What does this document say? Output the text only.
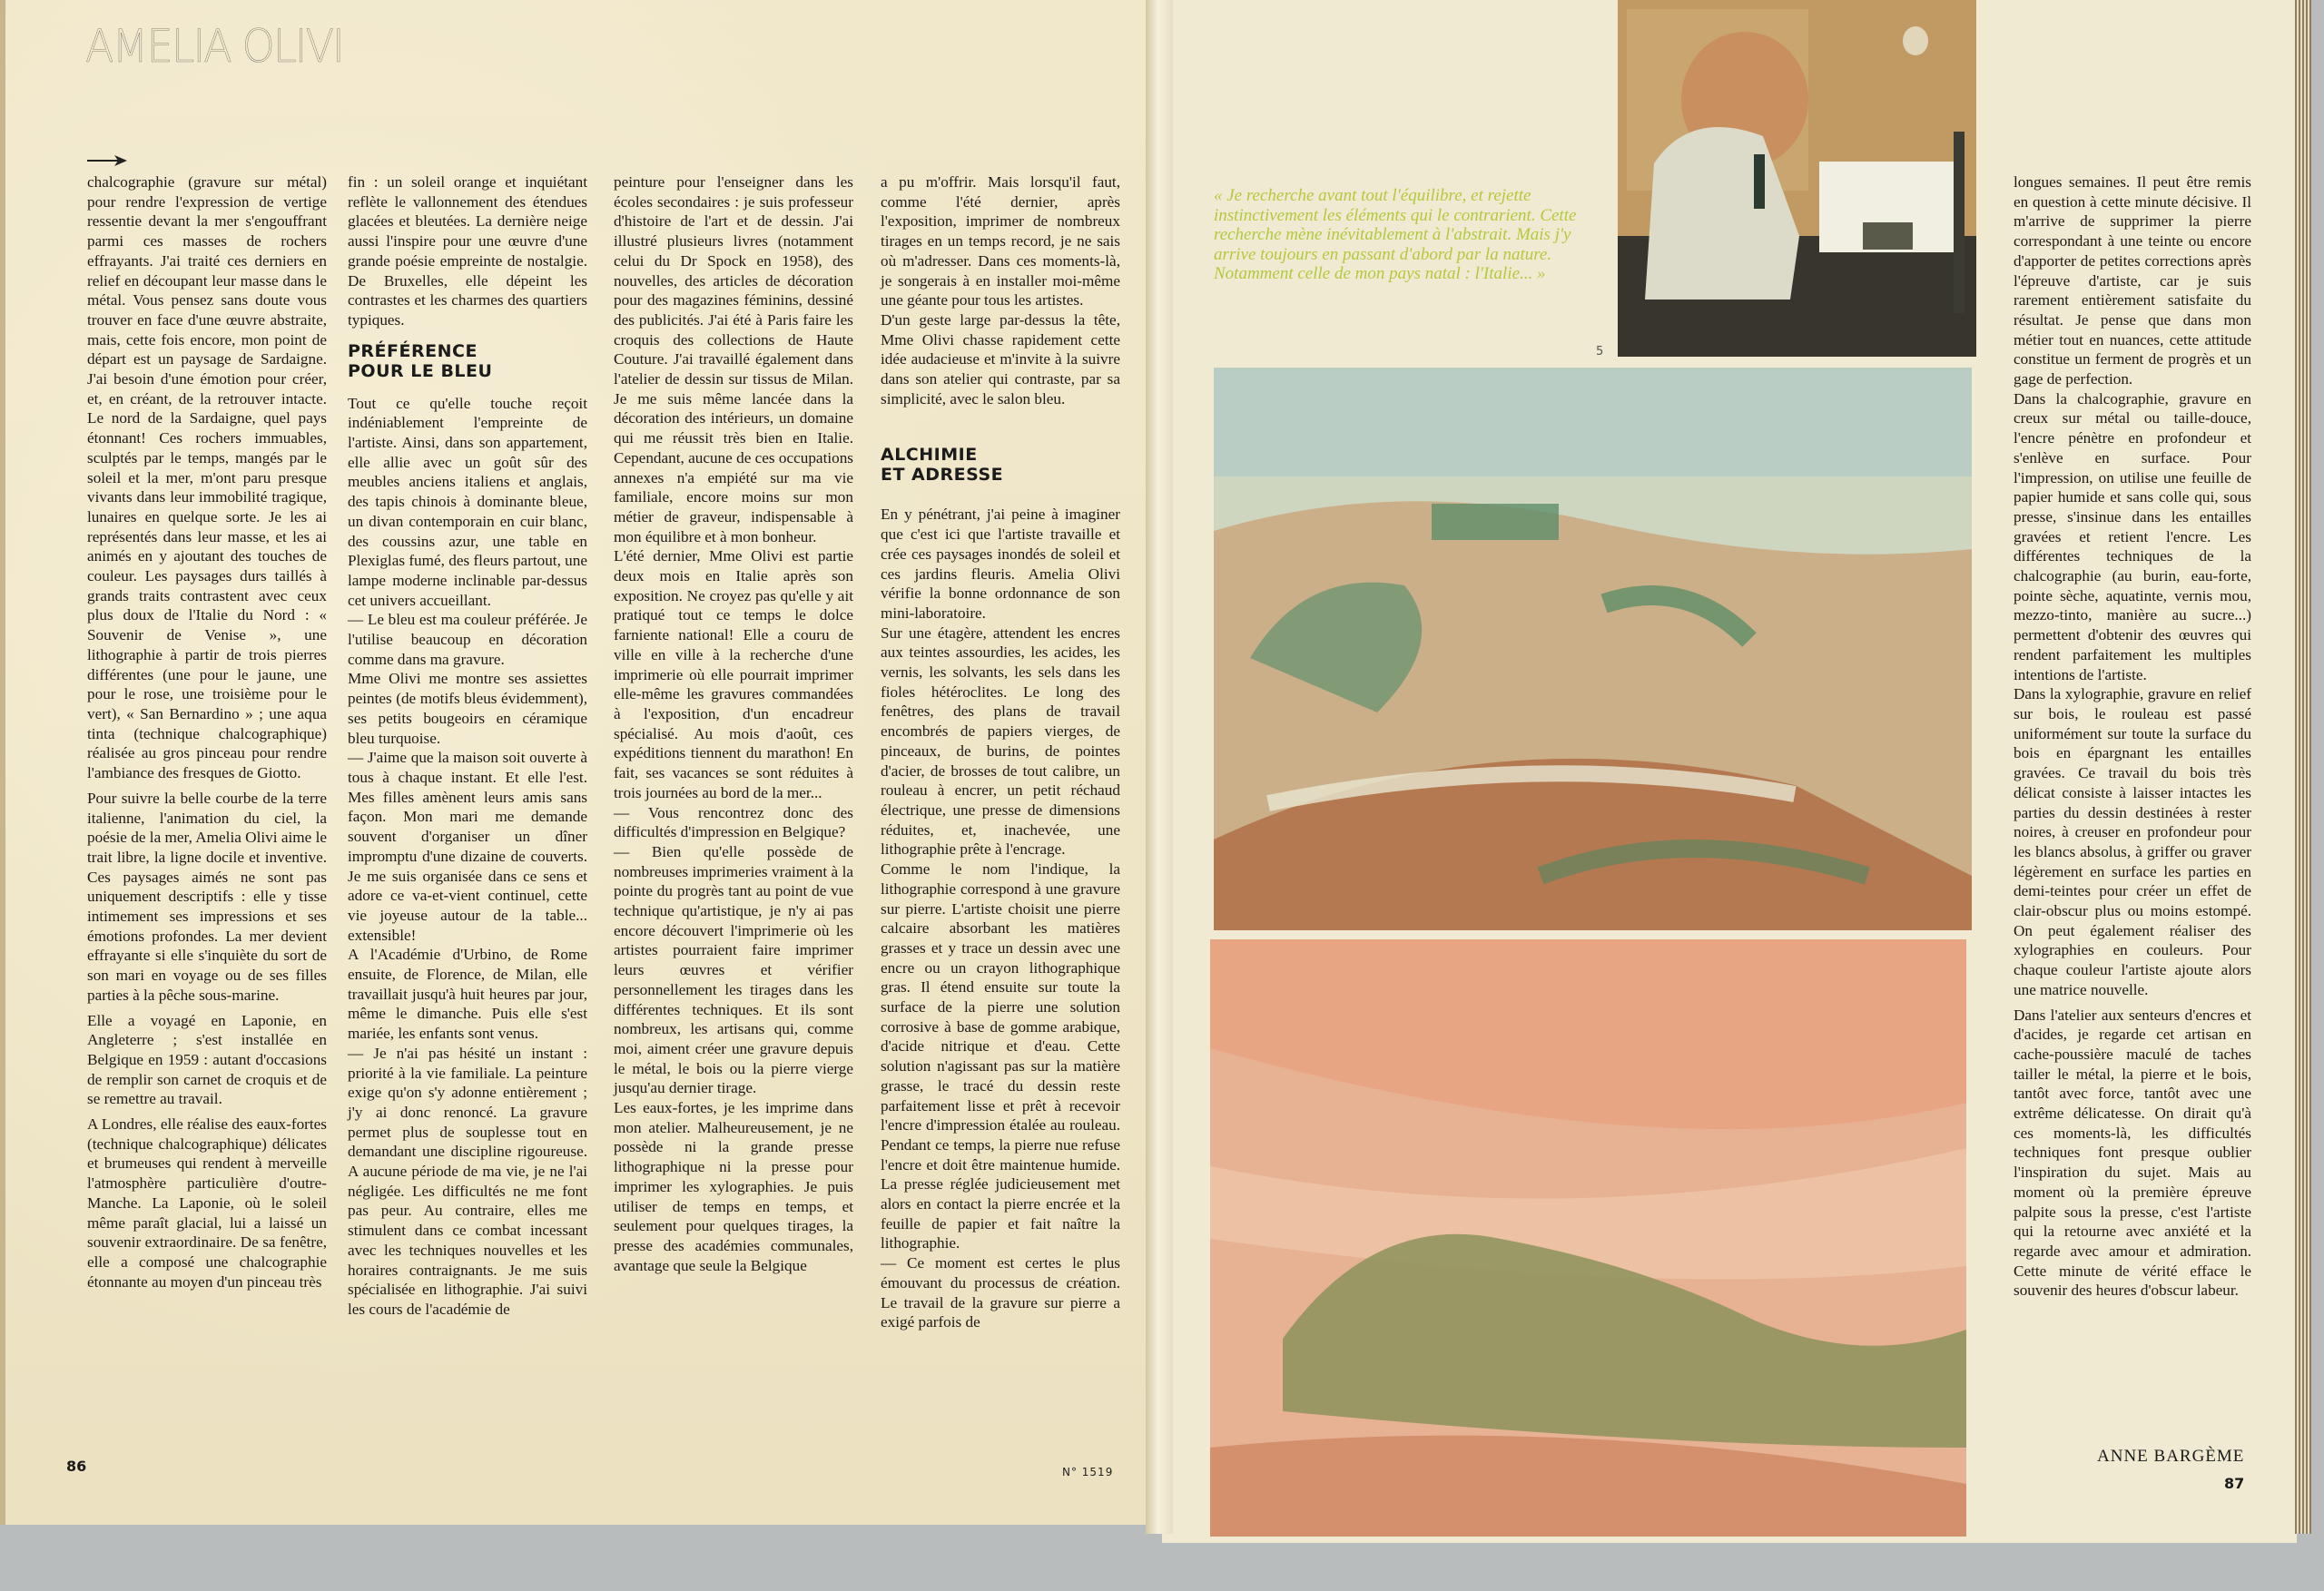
AMELIA OLIVI

chalcographie (gravure sur métal) pour rendre l'expression de vertige ressentie devant la mer s'engouffrant parmi ces masses de rochers effrayants. J'ai traité ces derniers en relief en découpant leur masse dans le métal. Vous pensez sans doute vous trouver en face d'une œuvre abstraite, mais, cette fois encore, mon point de départ est un paysage de Sardaigne. J'ai besoin d'une émotion pour créer, et, en créant, de la retrouver intacte. Le nord de la Sardaigne, quel pays étonnant! Ces rochers immuables, sculptés par le temps, mangés par le soleil et la mer, m'ont paru presque vivants dans leur immobilité tragique, lunaires en quelque sorte. Je les ai représentés dans leur masse, et les ai animés en y ajoutant des touches de couleur. Les paysages durs taillés à grands traits contrastent avec ceux plus doux de l'Italie du Nord : « Souvenir de Venise », une lithographie à partir de trois pierres différentes (une pour le jaune, une pour le rose, une troisième pour le vert), « San Bernardino » ; une aqua tinta (technique chalcographique) réalisée au gros pinceau pour rendre l'ambiance des fresques de Giotto.

Pour suivre la belle courbe de la terre italienne, l'animation du ciel, la poésie de la mer, Amelia Olivi aime le trait libre, la ligne docile et inventive. Ces paysages aimés ne sont pas uniquement descriptifs : elle y tisse intimement ses impressions et ses émotions profondes. La mer devient effrayante si elle s'inquiète du sort de son mari en voyage ou de ses filles parties à la pêche sous-marine.

Elle a voyagé en Laponie, en Angleterre ; s'est installée en Belgique en 1959 : autant d'occasions de remplir son carnet de croquis et de se remettre au travail.

A Londres, elle réalise des eaux-fortes (technique chalcographique) délicates et brumeuses qui rendent à merveille l'atmosphère particulière d'outre-Manche. La Laponie, où le soleil même paraît glacial, lui a laissé un souvenir extraordinaire. De sa fenêtre, elle a composé une chalcographie étonnante au moyen d'un pinceau très

fin : un soleil orange et inquiétant reflète le vallonnement des étendues glacées et bleutées. La dernière neige aussi l'inspire pour une œuvre d'une grande poésie empreinte de nostalgie. De Bruxelles, elle dépeint les contrastes et les charmes des quartiers typiques.

PRÉFÉRENCE
POUR LE BLEU

Tout ce qu'elle touche reçoit indéniablement l'empreinte de l'artiste. Ainsi, dans son appartement, elle allie avec un goût sûr des meubles anciens italiens et anglais, des tapis chinois à dominante bleue, un divan contemporain en cuir blanc, des coussins azur, une table en Plexiglas fumé, des fleurs partout, une lampe moderne inclinable par-dessus cet univers accueillant.

— Le bleu est ma couleur préférée. Je l'utilise beaucoup en décoration comme dans ma gravure.

Mme Olivi me montre ses assiettes peintes (de motifs bleus évidemment), ses petits bougeoirs en céramique bleu turquoise.

— J'aime que la maison soit ouverte à tous à chaque instant. Et elle l'est. Mes filles amènent leurs amis sans façon. Mon mari me demande souvent d'organiser un dîner impromptu d'une dizaine de couverts. Je me suis organisée dans ce sens et adore ce va-et-vient continuel, cette vie joyeuse autour de la table... extensible!

A l'Académie d'Urbino, de Rome ensuite, de Florence, de Milan, elle travaillait jusqu'à huit heures par jour, même le dimanche. Puis elle s'est mariée, les enfants sont venus.

— Je n'ai pas hésité un instant : priorité à la vie familiale. La peinture exige qu'on s'y adonne entièrement ; j'y ai donc renoncé. La gravure permet plus de souplesse tout en demandant une discipline rigoureuse. A aucune période de ma vie, je ne l'ai négligée. Les difficultés ne me font pas peur. Au contraire, elles me stimulent dans ce combat incessant avec les techniques nouvelles et les horaires contraignants. Je me suis spécialisée en lithographie. J'ai suivi les cours de l'académie de

peinture pour l'enseigner dans les écoles secondaires : je suis professeur d'histoire de l'art et de dessin. J'ai illustré plusieurs livres (notamment celui du Dr Spock en 1958), des nouvelles, des articles de décoration pour des magazines féminins, dessiné des publicités. J'ai été à Paris faire les croquis des collections de Haute Couture. J'ai travaillé également dans l'atelier de dessin sur tissus de Milan. Je me suis même lancée dans la décoration des intérieurs, un domaine qui me réussit très bien en Italie. Cependant, aucune de ces occupations annexes n'a empiété sur ma vie familiale, encore moins sur mon métier de graveur, indispensable à mon équilibre et à mon bonheur.

L'été dernier, Mme Olivi est partie deux mois en Italie après son exposition. Ne croyez pas qu'elle y ait pratiqué tout ce temps le dolce farniente national! Elle a couru de ville en ville à la recherche d'une imprimerie où elle pourrait imprimer elle-même les gravures commandées à l'exposition, d'un encadreur spécialisé. Au mois d'août, ces expéditions tiennent du marathon! En fait, ses vacances se sont réduites à trois journées au bord de la mer...

— Vous rencontrez donc des difficultés d'impression en Belgique?

— Bien qu'elle possède de nombreuses imprimeries vraiment à la pointe du progrès tant au point de vue technique qu'artistique, je n'y ai pas encore découvert l'imprimerie où les artistes pourraient faire imprimer leurs œuvres et vérifier personnellement les tirages dans les différentes techniques. Et ils sont nombreux, les artisans qui, comme moi, aiment créer une gravure depuis le métal, le bois ou la pierre vierge jusqu'au dernier tirage.

Les eaux-fortes, je les imprime dans mon atelier. Malheureusement, je ne possède ni la grande presse lithographique ni la presse pour imprimer les xylographies. Je puis utiliser de temps en temps, et seulement pour quelques tirages, la presse des académies communales, avantage que seule la Belgique

a pu m'offrir. Mais lorsqu'il faut, comme l'été dernier, après l'exposition, imprimer de nombreux tirages en un temps record, je ne sais où m'adresser. Dans ces moments-là, je songerais à en installer moi-même une géante pour tous les artistes.

D'un geste large par-dessus la tête, Mme Olivi chasse rapidement cette idée audacieuse et m'invite à la suivre dans son atelier qui contraste, par sa simplicité, avec le salon bleu.

ALCHIMIE
ET ADRESSE

En y pénétrant, j'ai peine à imaginer que c'est ici que l'artiste travaille et crée ces paysages inondés de soleil et ces jardins fleuris. Amelia Olivi vérifie la bonne ordonnance de son mini-laboratoire.

Sur une étagère, attendent les encres aux teintes assourdies, les acides, les vernis, les solvants, les sels dans les fioles hétéroclites. Le long des fenêtres, des plans de travail encombrés de papiers vierges, de pinceaux, de burins, de pointes d'acier, de brosses de tout calibre, un rouleau à encrer, un petit réchaud électrique, une presse de dimensions réduites, et, inachevée, une lithographie prête à l'encrage.

Comme le nom l'indique, la lithographie correspond à une gravure sur pierre. L'artiste choisit une pierre calcaire absorbant les matières grasses et y trace un dessin avec une encre ou un crayon lithographique gras. Il étend ensuite sur toute la surface de la pierre une solution corrosive à base de gomme arabique, d'acide nitrique et d'eau. Cette solution n'agissant pas sur la matière grasse, le tracé du dessin reste parfaitement lisse et prêt à recevoir l'encre d'impression étalée au rouleau. Pendant ce temps, la pierre nue refuse l'encre et doit être maintenue humide. La presse réglée judicieusement met alors en contact la pierre encrée et la feuille de papier et fait naître la lithographie.

— Ce moment est certes le plus émouvant du processus de création. Le travail de la gravure sur pierre a exigé parfois de

86	N° 1519
« Je recherche avant tout l'équilibre, et rejette instinctivement les éléments qui le contrarient. Cette recherche mène inévitablement à l'abstrait. Mais j'y arrive toujours en passant d'abord par la nature. Notamment celle de mon pays natal : l'Italie... »
5

longues semaines. Il peut être remis en question à cette minute décisive. Il m'arrive de supprimer la pierre correspondant à une teinte ou encore d'apporter de petites corrections après l'épreuve d'artiste, car je suis rarement entièrement satisfaite du résultat. Je pense que dans mon métier tout en nuances, cette attitude constitue un ferment de progrès et un gage de perfection.

Dans la chalcographie, gravure en creux sur métal ou taille-douce, l'encre pénètre en profondeur et s'enlève en surface. Pour l'impression, on utilise une feuille de papier humide et sans colle qui, sous presse, s'insinue dans les entailles gravées et retient l'encre. Les différentes techniques de la chalcographie (au burin, eau-forte, pointe sèche, aquatinte, vernis mou, mezzo-tinto, manière au sucre...) permettent d'obtenir des œuvres qui rendent parfaitement les multiples intentions de l'artiste.

Dans la xylographie, gravure en relief sur bois, le rouleau est passé uniformément sur toute la surface du bois en épargnant les entailles gravées. Ce travail du bois très délicat consiste à laisser intactes les parties du dessin destinées à rester noires, à creuser en profondeur pour les blancs absolus, à griffer ou graver légèrement en surface les parties en demi-teintes pour créer un effet de clair-obscur plus ou moins estompé. On peut également réaliser des xylographies en couleurs. Pour chaque couleur l'artiste ajoute alors une matrice nouvelle.

Dans l'atelier aux senteurs d'encres et d'acides, je regarde cet artisan en cache-poussière maculé de taches tailler le métal, la pierre et le bois, tantôt avec force, tantôt avec une extrême délicatesse. On dirait qu'à ces moments-là, les difficultés techniques font presque oublier l'inspiration du sujet. Mais au moment où la première épreuve palpite sous la presse, c'est l'artiste qui la retourne avec anxiété et la regarde avec amour et admiration. Cette minute de vérité efface le souvenir des heures d'obscur labeur.

ANNE BARGÈME
87
